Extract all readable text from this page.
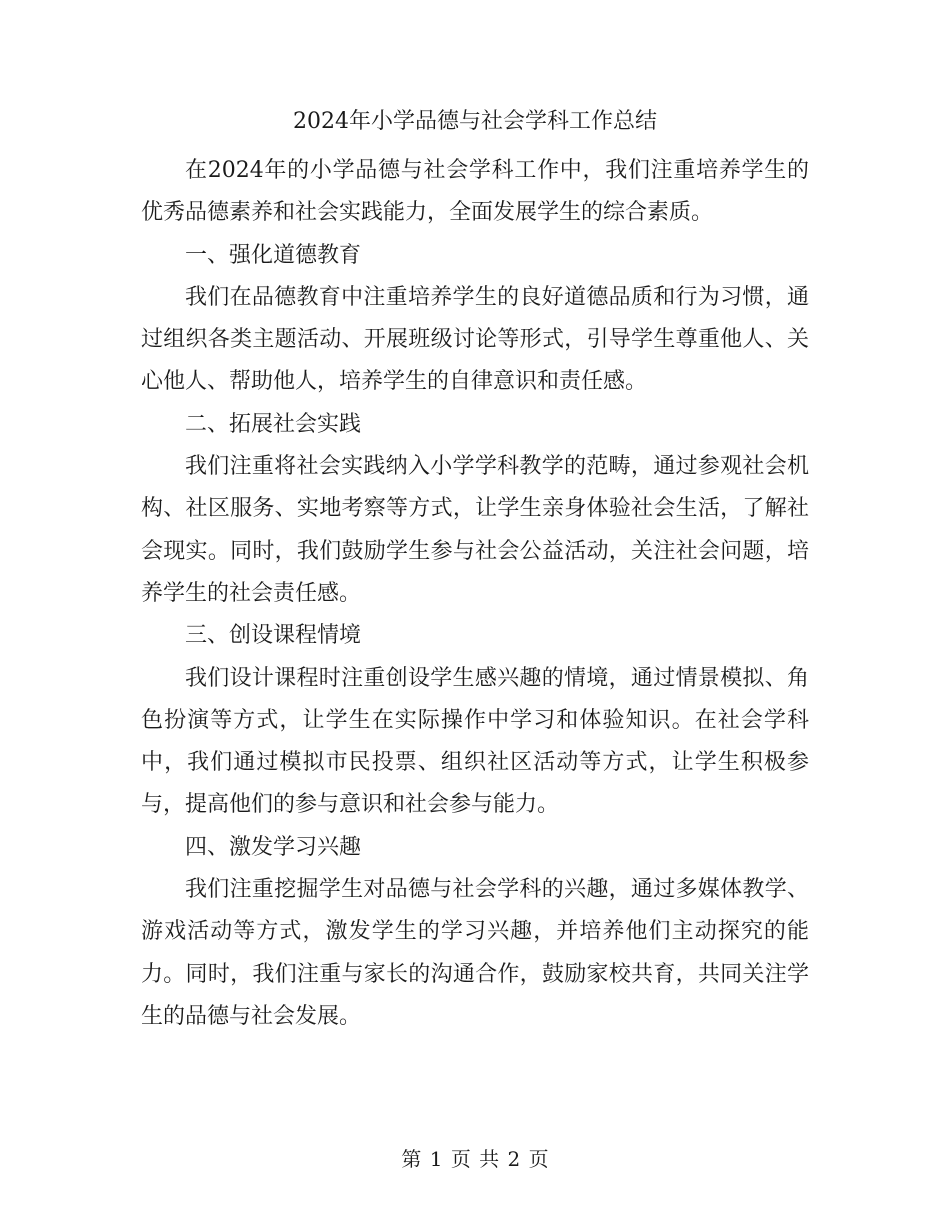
2024年小学品德与社会学科工作总结

在2024年的小学品德与社会学科工作中，我们注重培养学生的优秀品德素养和社会实践能力，全面发展学生的综合素质。

一、强化道德教育

我们在品德教育中注重培养学生的良好道德品质和行为习惯，通过组织各类主题活动、开展班级讨论等形式，引导学生尊重他人、关心他人、帮助他人，培养学生的自律意识和责任感。

二、拓展社会实践

我们注重将社会实践纳入小学学科教学的范畴，通过参观社会机构、社区服务、实地考察等方式，让学生亲身体验社会生活，了解社会现实。同时，我们鼓励学生参与社会公益活动，关注社会问题，培养学生的社会责任感。

三、创设课程情境

我们设计课程时注重创设学生感兴趣的情境，通过情景模拟、角色扮演等方式，让学生在实际操作中学习和体验知识。在社会学科中，我们通过模拟市民投票、组织社区活动等方式，让学生积极参与，提高他们的参与意识和社会参与能力。

四、激发学习兴趣

我们注重挖掘学生对品德与社会学科的兴趣，通过多媒体教学、游戏活动等方式，激发学生的学习兴趣，并培养他们主动探究的能力。同时，我们注重与家长的沟通合作，鼓励家校共育，共同关注学生的品德与社会发展。

第 1 页 共 2 页
